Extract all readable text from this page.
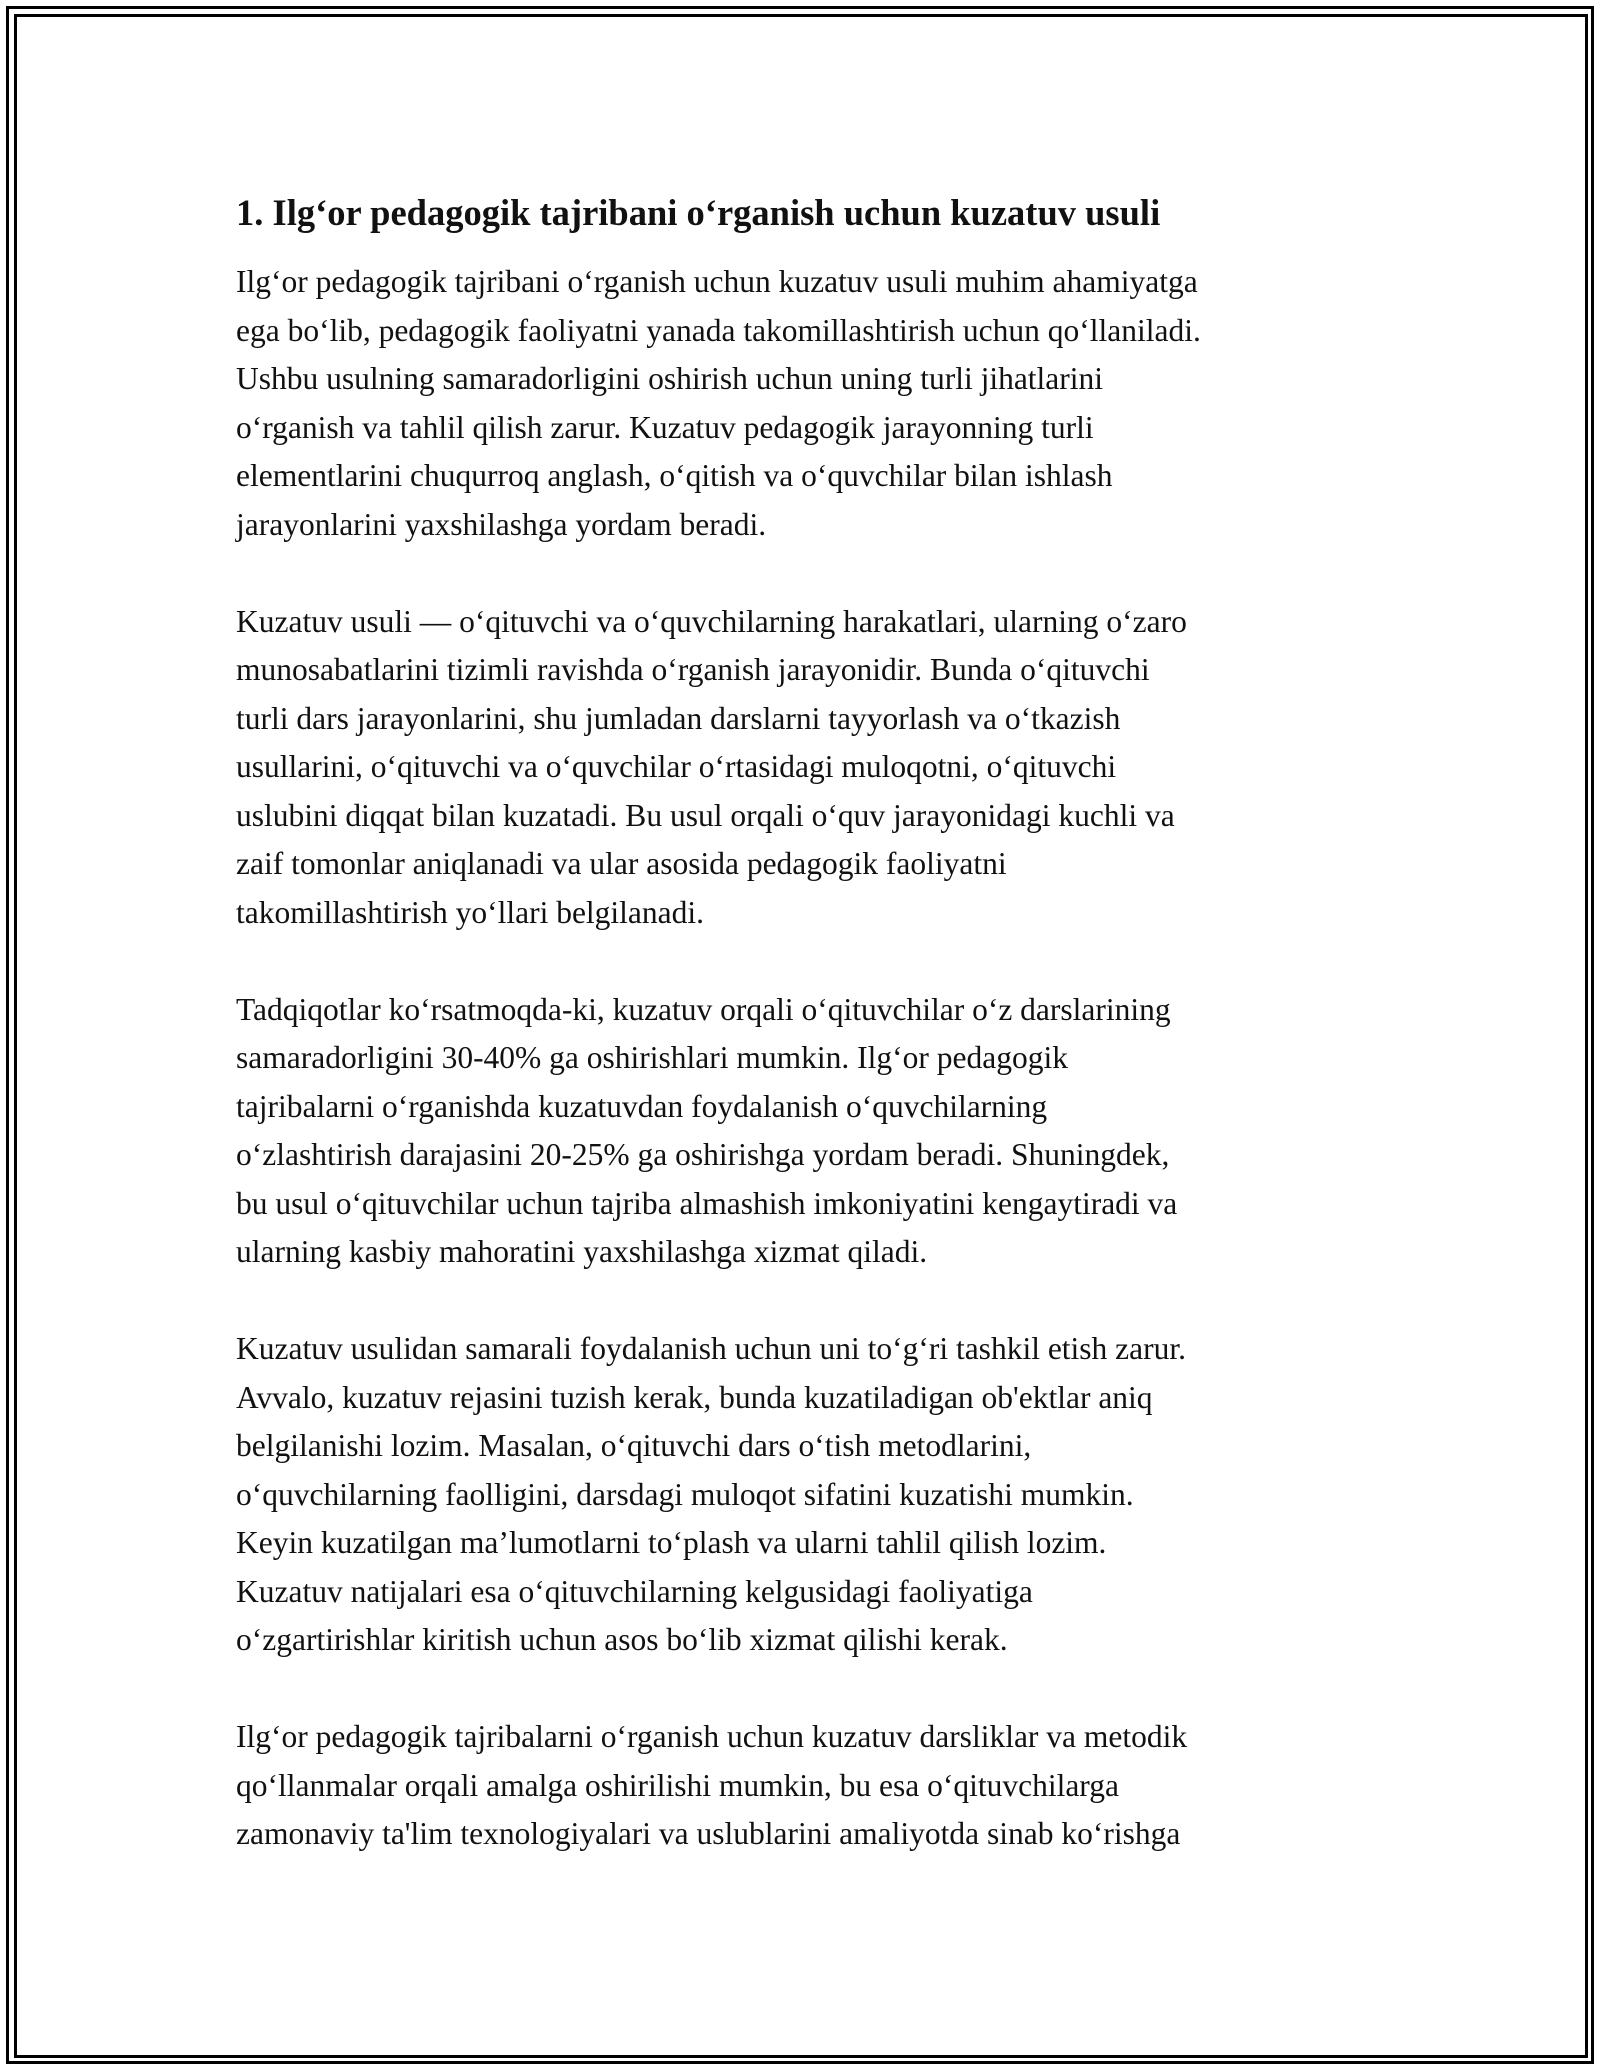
1. Ilg‘or pedagogik tajribani o‘rganish uchun kuzatuv usuli

Ilg‘or pedagogik tajribani o‘rganish uchun kuzatuv usuli muhim ahamiyatga
ega bo‘lib, pedagogik faoliyatni yanada takomillashtirish uchun qo‘llaniladi.
Ushbu usulning samaradorligini oshirish uchun uning turli jihatlarini
o‘rganish va tahlil qilish zarur. Kuzatuv pedagogik jarayonning turli
elementlarini chuqurroq anglash, o‘qitish va o‘quvchilar bilan ishlash
jarayonlarini yaxshilashga yordam beradi.

Kuzatuv usuli — o‘qituvchi va o‘quvchilarning harakatlari, ularning o‘zaro
munosabatlarini tizimli ravishda o‘rganish jarayonidir. Bunda o‘qituvchi
turli dars jarayonlarini, shu jumladan darslarni tayyorlash va o‘tkazish
usullarini, o‘qituvchi va o‘quvchilar o‘rtasidagi muloqotni, o‘qituvchi
uslubini diqqat bilan kuzatadi. Bu usul orqali o‘quv jarayonidagi kuchli va
zaif tomonlar aniqlanadi va ular asosida pedagogik faoliyatni
takomillashtirish yo‘llari belgilanadi.

Tadqiqotlar ko‘rsatmoqda-ki, kuzatuv orqali o‘qituvchilar o‘z darslarining
samaradorligini 30-40% ga oshirishlari mumkin. Ilg‘or pedagogik
tajribalarni o‘rganishda kuzatuvdan foydalanish o‘quvchilarning
o‘zlashtirish darajasini 20-25% ga oshirishga yordam beradi. Shuningdek,
bu usul o‘qituvchilar uchun tajriba almashish imkoniyatini kengaytiradi va
ularning kasbiy mahoratini yaxshilashga xizmat qiladi.

Kuzatuv usulidan samarali foydalanish uchun uni to‘g‘ri tashkil etish zarur.
Avvalo, kuzatuv rejasini tuzish kerak, bunda kuzatiladigan ob'ektlar aniq
belgilanishi lozim. Masalan, o‘qituvchi dars o‘tish metodlarini,
o‘quvchilarning faolligini, darsdagi muloqot sifatini kuzatishi mumkin.
Keyin kuzatilgan ma’lumotlarni to‘plash va ularni tahlil qilish lozim.
Kuzatuv natijalari esa o‘qituvchilarning kelgusidagi faoliyatiga
o‘zgartirishlar kiritish uchun asos bo‘lib xizmat qilishi kerak.

Ilg‘or pedagogik tajribalarni o‘rganish uchun kuzatuv darsliklar va metodik
qo‘llanmalar orqali amalga oshirilishi mumkin, bu esa o‘qituvchilarga
zamonaviy ta'lim texnologiyalari va uslublarini amaliyotda sinab ko‘rishga
